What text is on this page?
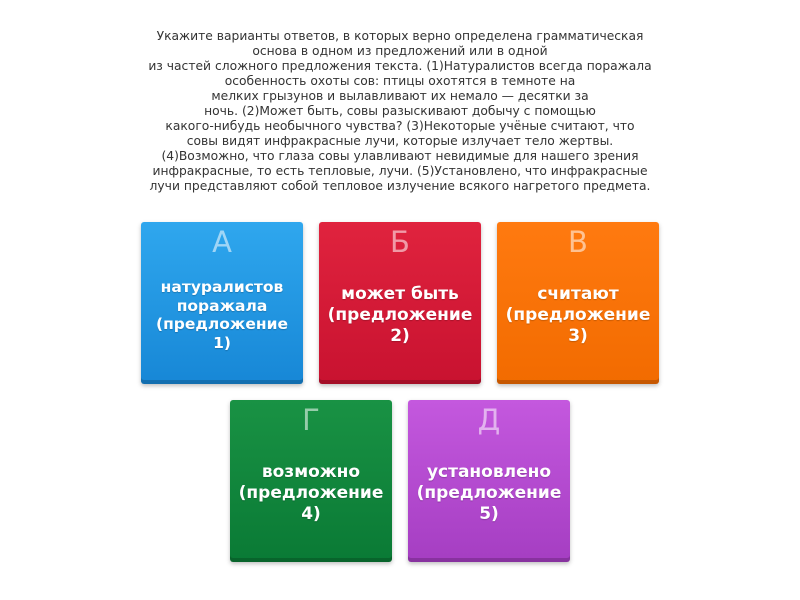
Укажите варианты ответов, в которых верно определена грамматическая
основа в одном из предложений или в одной
из частей сложного предложения текста. (1)Натуралистов всегда поражала
особенность охоты сов: птицы охотятся в темноте на
мелких грызунов и вылавливают их немало — десятки за
ночь. (2)Может быть, совы разыскивают добычу с помощью
какого-нибудь необычного чувства? (3)Некоторые учёные считают, что
совы видят инфракрасные лучи, которые излучает тело жертвы.
(4)Возможно, что глаза совы улавливают невидимые для нашего зрения
инфракрасные, то есть тепловые, лучи. (5)Установлено, что инфракрасные
лучи представляют собой тепловое излучение всякого нагретого предмета.
А
натуралистов поражала (предложение 1)
Б
может быть (предложение 2)
В
считают (предложение 3)
Г
возможно (предложение 4)
Д
установлено (предложение 5)
